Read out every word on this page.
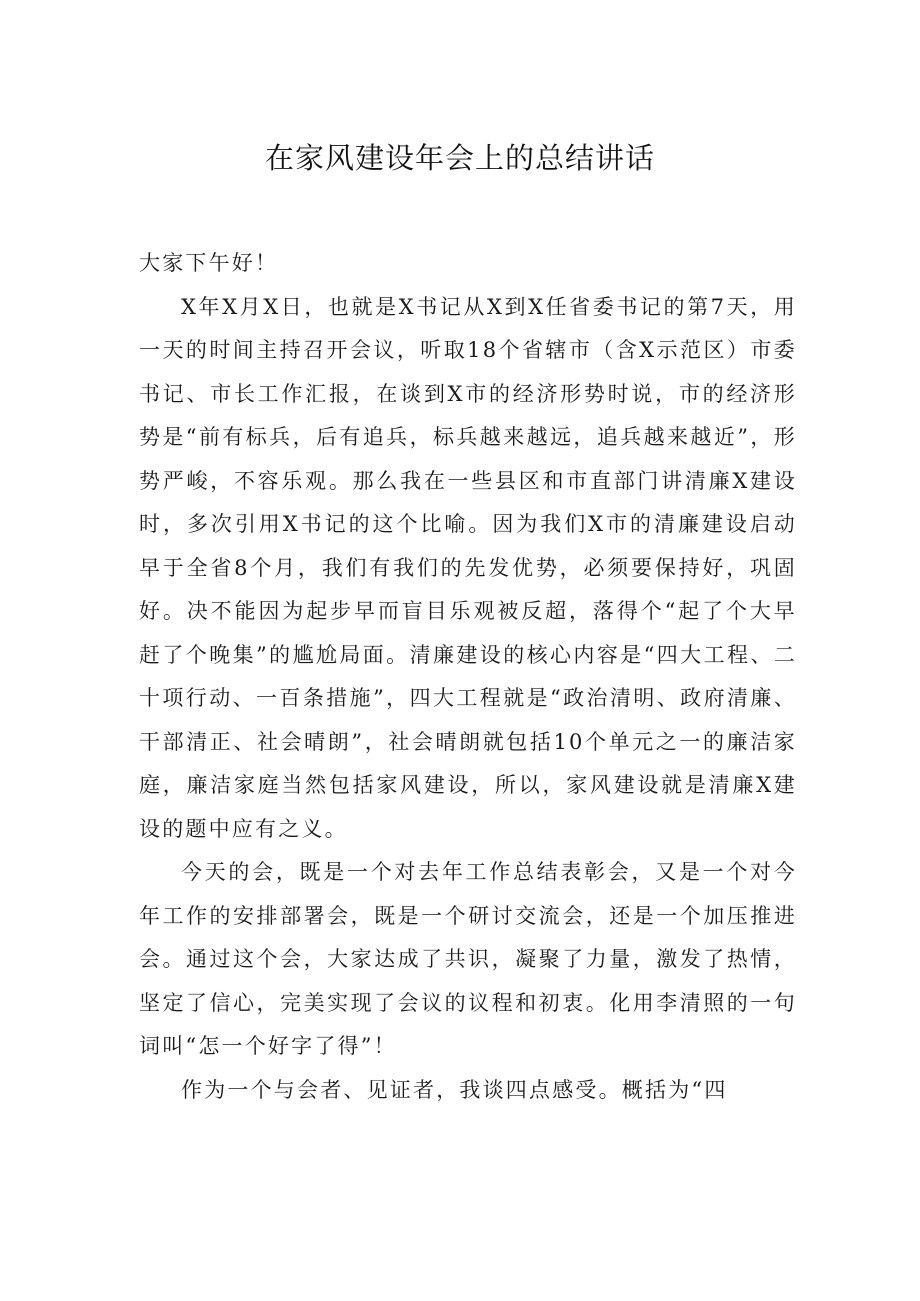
在家风建设年会上的总结讲话

大家下午好！

X年X月X日，也就是X书记从X到X任省委书记的第7天，用一天的时间主持召开会议，听取18个省辖市（含X示范区）市委书记、市长工作汇报，在谈到X市的经济形势时说，市的经济形势是“前有标兵，后有追兵，标兵越来越远，追兵越来越近”，形势严峻，不容乐观。那么我在一些县区和市直部门讲清廉X建设时，多次引用X书记的这个比喻。因为我们X市的清廉建设启动早于全省8个月，我们有我们的先发优势，必须要保持好，巩固好。决不能因为起步早而盲目乐观被反超，落得个“起了个大早赶了个晚集”的尴尬局面。清廉建设的核心内容是“四大工程、二十项行动、一百条措施”，四大工程就是“政治清明、政府清廉、干部清正、社会晴朗”，社会晴朗就包括10个单元之一的廉洁家庭，廉洁家庭当然包括家风建设，所以，家风建设就是清廉X建设的题中应有之义。

今天的会，既是一个对去年工作总结表彰会，又是一个对今年工作的安排部署会，既是一个研讨交流会，还是一个加压推进会。通过这个会，大家达成了共识，凝聚了力量，激发了热情，坚定了信心，完美实现了会议的议程和初衷。化用李清照的一句词叫“怎一个好字了得”！

作为一个与会者、见证者，我谈四点感受。概括为“四
